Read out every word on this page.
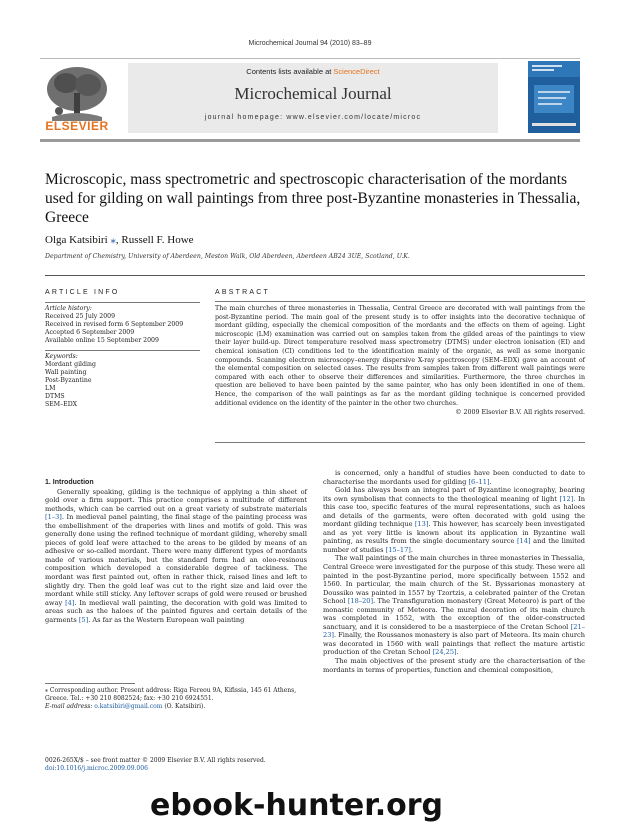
Microchemical Journal 94 (2010) 83–89
ELSEVIER
Contents lists available at ScienceDirect
Microchemical Journal
journal homepage: www.elsevier.com/locate/microc
Microscopic, mass spectrometric and spectroscopic characterisation of the mordants used for gilding on wall paintings from three post-Byzantine monasteries in Thessalia, Greece
Olga Katsibiri ⁎, Russell F. Howe
Department of Chemistry, University of Aberdeen, Meston Walk, Old Aberdeen, Aberdeen AB24 3UE, Scotland, U.K.
ARTICLE INFO
Article history:
Received 25 July 2009
Received in revised form 6 September 2009
Accepted 6 September 2009
Available online 15 September 2009
Keywords:
Mordant gilding
Wall painting
Post-Byzantine
LM
DTMS
SEM–EDX
ABSTRACT
The main churches of three monasteries in Thessalia, Central Greece are decorated with wall paintings from the post-Byzantine period. The main goal of the present study is to offer insights into the decorative technique of mordant gilding, especially the chemical composition of the mordants and the effects on them of ageing. Light microscopic (LM) examination was carried out on samples taken from the gilded areas of the paintings to view their layer build-up. Direct temperature resolved mass spectrometry (DTMS) under electron ionisation (EI) and chemical ionisation (CI) conditions led to the identification mainly of the organic, as well as some inorganic compounds. Scanning electron microscopy–energy dispersive X-ray spectroscopy (SEM–EDX) gave an account of the elemental composition on selected cases. The results from samples taken from different wall paintings were compared with each other to observe their differences and similarities. Furthermore, the three churches in question are believed to have been painted by the same painter, who has only been identified in one of them. Hence, the comparison of the wall paintings as far as the mordant gilding technique is concerned provided additional evidence on the identity of the painter in the other two churches.
© 2009 Elsevier B.V. All rights reserved.

1. Introduction

Generally speaking, gilding is the technique of applying a thin sheet of gold over a firm support. This practice comprises a multitude of different methods, which can be carried out on a great variety of substrate materials [1–3]. In medieval panel painting, the final stage of the painting process was the embellishment of the draperies with lines and motifs of gold. This was generally done using the refined technique of mordant gilding, whereby small pieces of gold leaf were attached to the areas to be gilded by means of an adhesive or so-called mordant. There were many different types of mordants made of various materials, but the standard form had an oleo-resinous composition which developed a considerable degree of tackiness. The mordant was first painted out, often in rather thick, raised lines and left to slightly dry. Then the gold leaf was cut to the right size and laid over the mordant while still sticky. Any leftover scraps of gold were reused or brushed away [4]. In medieval wall painting, the decoration with gold was limited to areas such as the haloes of the painted figures and certain details of the garments [5]. As far as the Western European wall painting

is concerned, only a handful of studies have been conducted to date to characterise the mordants used for gilding [6–11].

Gold has always been an integral part of Byzantine iconography, bearing its own symbolism that connects to the theological meaning of light [12]. In this case too, specific features of the mural representations, such as haloes and details of the garments, were often decorated with gold using the mordant gilding technique [13]. This however, has scarcely been investigated and as yet very little is known about its application in Byzantine wall painting, as results from the single documentary source [14] and the limited number of studies [15–17].

The wall paintings of the main churches in three monasteries in Thessalia, Central Greece were investigated for the purpose of this study. These were all painted in the post-Byzantine period, more specifically between 1552 and 1560. In particular, the main church of the St. Byssarionas monastery at Doussiko was painted in 1557 by Tzortzis, a celebrated painter of the Cretan School [18–20]. The Transfiguration monastery (Great Meteoro) is part of the monastic community of Meteora. The mural decoration of its main church was completed in 1552, with the exception of the older-constructed sanctuary, and it is considered to be a masterpiece of the Cretan School [21–23]. Finally, the Roussanos monastery is also part of Meteora. Its main church was decorated in 1560 with wall paintings that reflect the mature artistic production of the Cretan School [24,25].

The main objectives of the present study are the characterisation of the mordants in terms of properties, function and chemical composition,

⁎ Corresponding author. Present address: Riga Fereou 9A, Kifissia, 145 61 Athens, Greece. Tel.: +30 210 8082524; fax: +30 210 6924551.
E-mail address: o.katsibiri@gmail.com (O. Katsibiri).
0026-265X/$ – see front matter © 2009 Elsevier B.V. All rights reserved.
doi:10.1016/j.microc.2009.09.006
ebook-hunter.org
